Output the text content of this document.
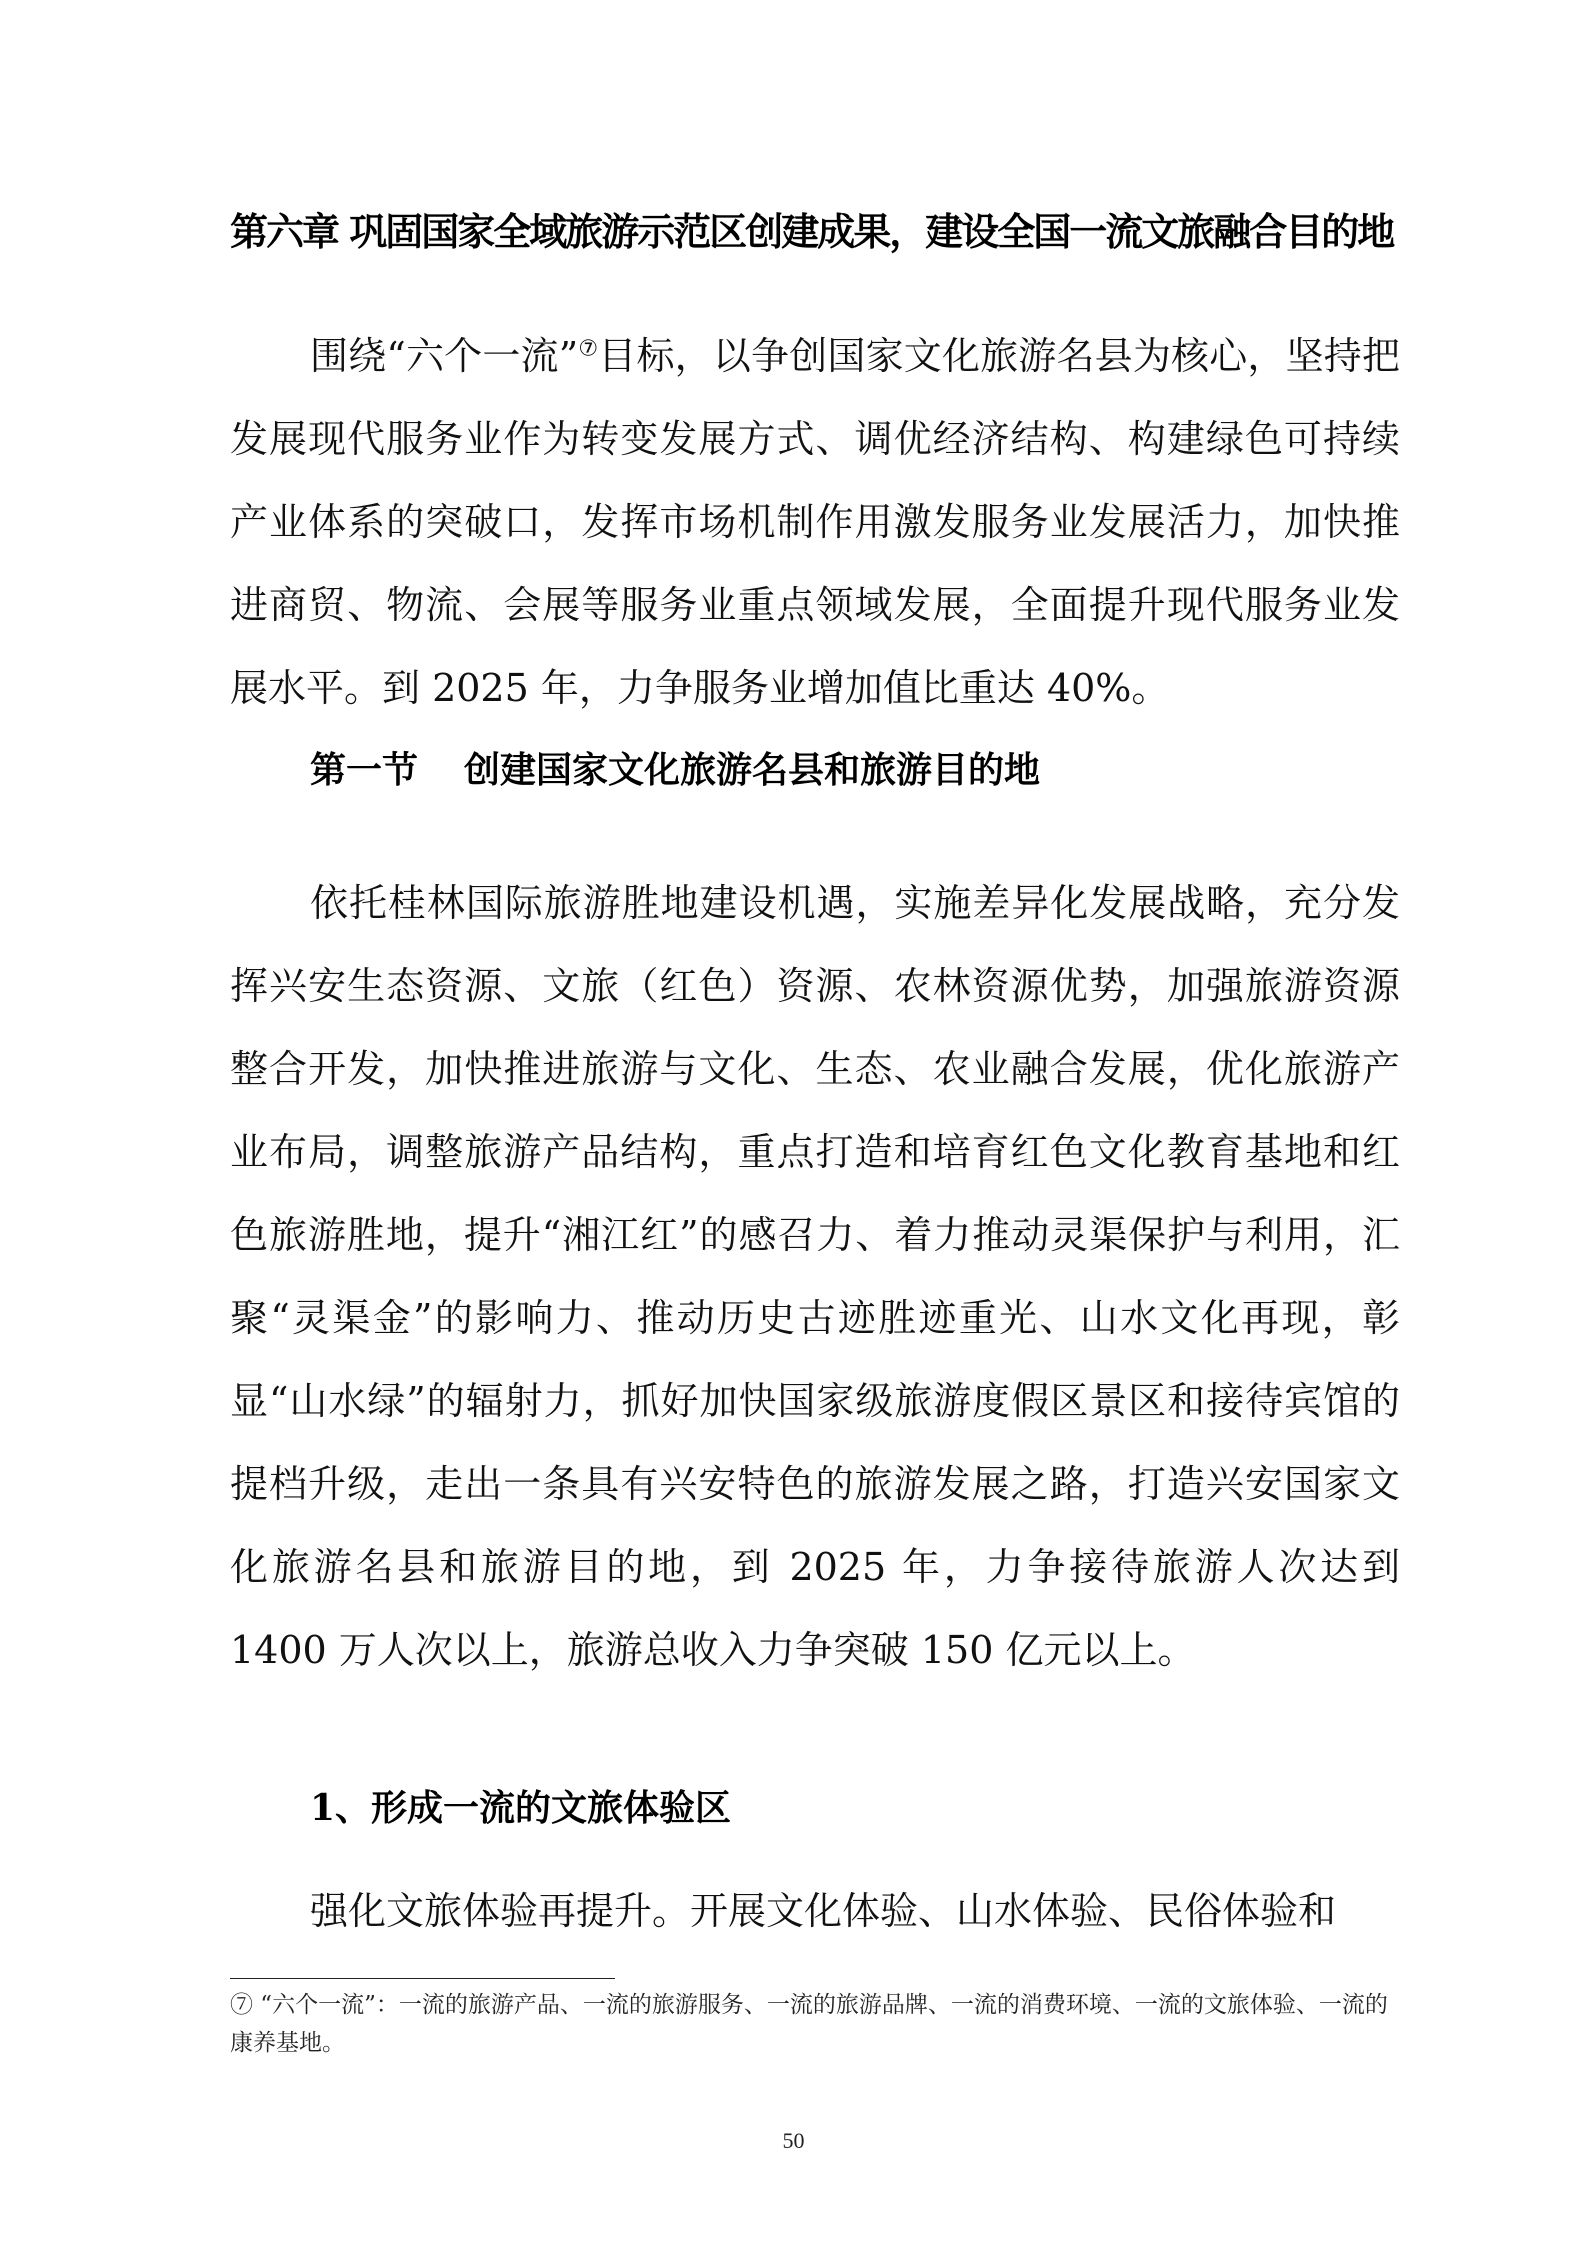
第六章 巩固国家全域旅游示范区创建成果，建设全国一流文旅融合目的地

围绕“六个一流”⑦目标，以争创国家文化旅游名县为核心，坚持把发展现代服务业作为转变发展方式、调优经济结构、构建绿色可持续产业体系的突破口，发挥市场机制作用激发服务业发展活力，加快推进商贸、物流、会展等服务业重点领域发展，全面提升现代服务业发展水平。到 2025 年，力争服务业增加值比重达 40%。

第一节 创建国家文化旅游名县和旅游目的地

依托桂林国际旅游胜地建设机遇，实施差异化发展战略，充分发挥兴安生态资源、文旅（红色）资源、农林资源优势，加强旅游资源整合开发，加快推进旅游与文化、生态、农业融合发展，优化旅游产业布局，调整旅游产品结构，重点打造和培育红色文化教育基地和红色旅游胜地，提升“湘江红”的感召力、着力推动灵渠保护与利用，汇聚“灵渠金”的影响力、推动历史古迹胜迹重光、山水文化再现，彰显“山水绿”的辐射力，抓好加快国家级旅游度假区景区和接待宾馆的提档升级，走出一条具有兴安特色的旅游发展之路，打造兴安国家文化旅游名县和旅游目的地，到 2025 年，力争接待旅游人次达到 1400 万人次以上，旅游总收入力争突破 150 亿元以上。

1、形成一流的文旅体验区

强化文旅体验再提升。开展文化体验、山水体验、民俗体验和

⑦ “六个一流”：一流的旅游产品、一流的旅游服务、一流的旅游品牌、一流的消费环境、一流的文旅体验、一流的康养基地。

50
